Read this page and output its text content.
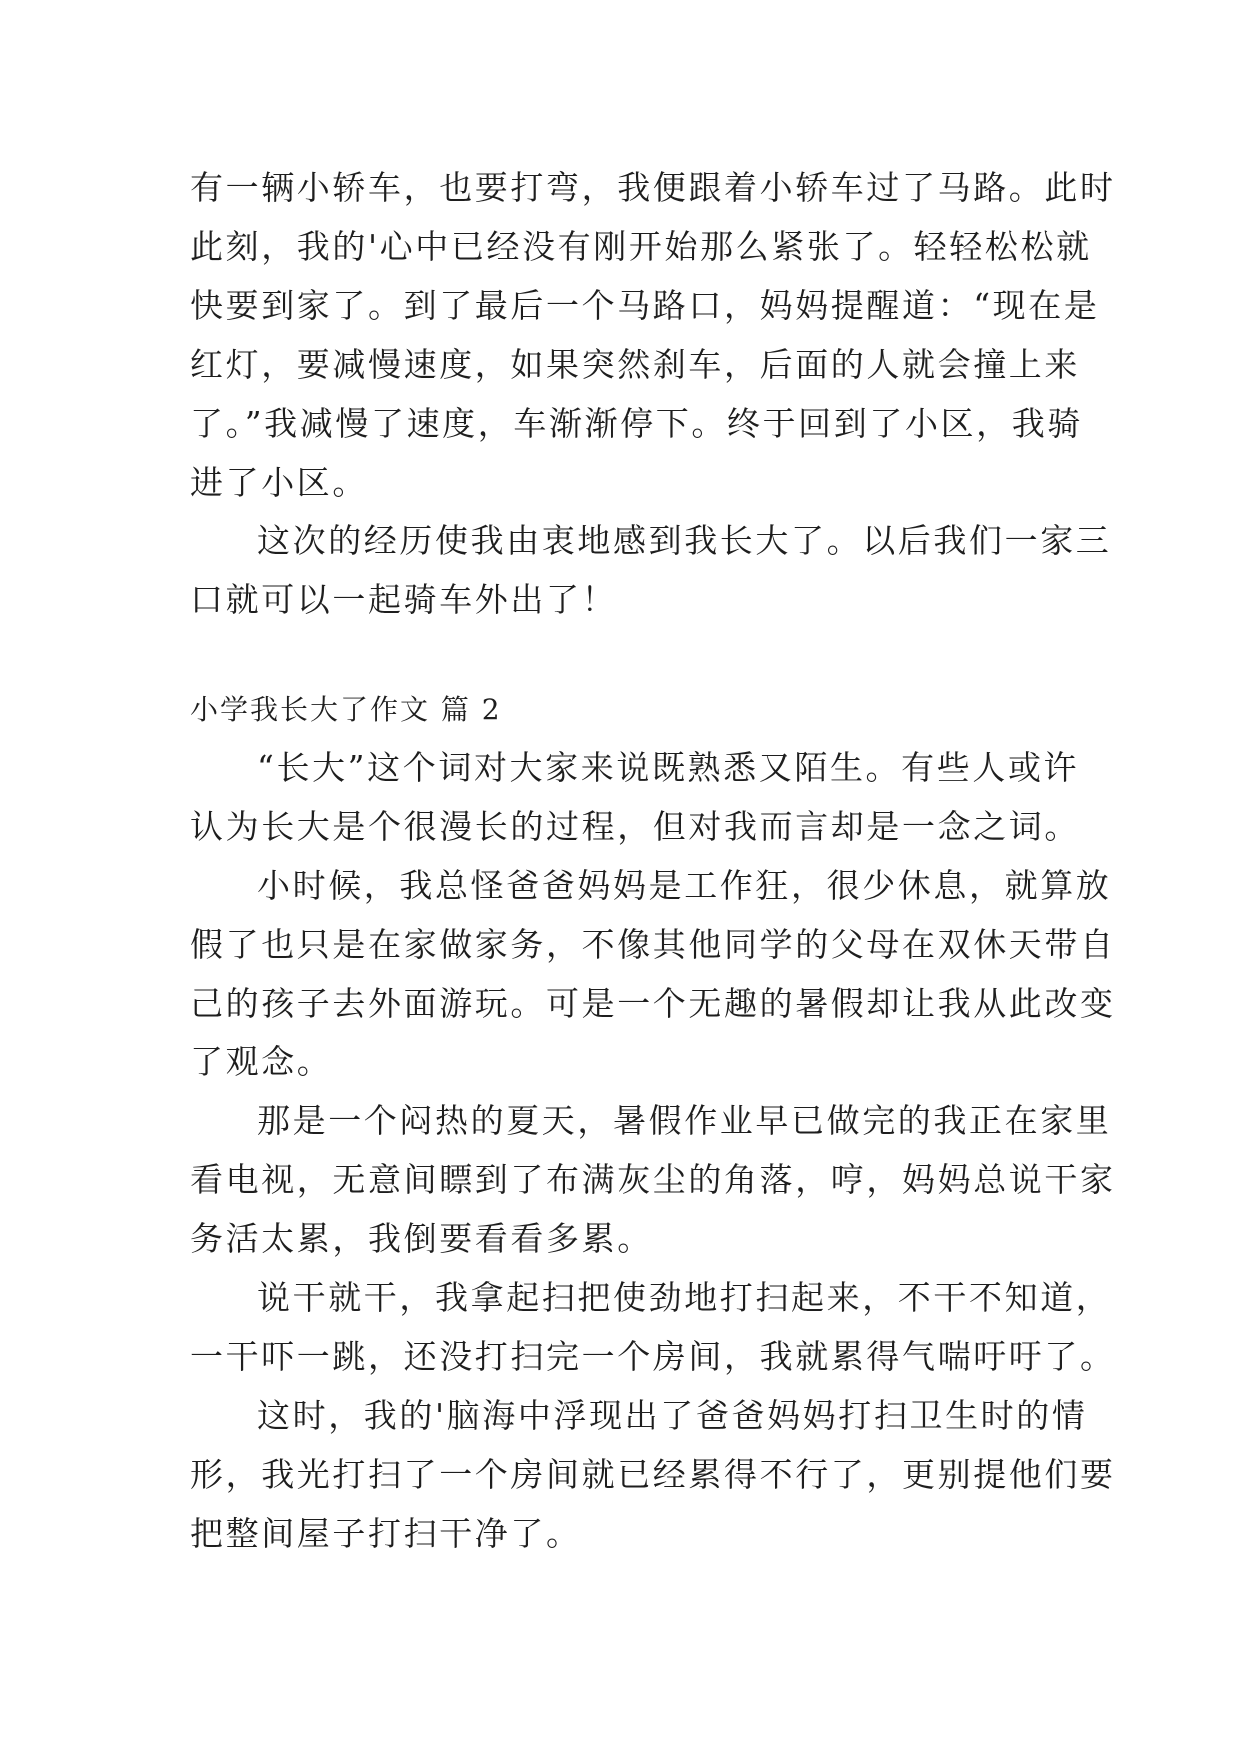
有一辆小轿车，也要打弯，我便跟着小轿车过了马路。此时
此刻，我的'心中已经没有刚开始那么紧张了。轻轻松松就
快要到家了。到了最后一个马路口，妈妈提醒道：“现在是
红灯，要减慢速度，如果突然刹车，后面的人就会撞上来
了。”我减慢了速度，车渐渐停下。终于回到了小区，我骑
进了小区。
这次的经历使我由衷地感到我长大了。以后我们一家三
口就可以一起骑车外出了！
小学我长大了作文 篇 2
“长大”这个词对大家来说既熟悉又陌生。有些人或许
认为长大是个很漫长的过程，但对我而言却是一念之词。
小时候，我总怪爸爸妈妈是工作狂，很少休息，就算放
假了也只是在家做家务，不像其他同学的父母在双休天带自
己的孩子去外面游玩。可是一个无趣的暑假却让我从此改变
了观念。
那是一个闷热的夏天，暑假作业早已做完的我正在家里
看电视，无意间瞟到了布满灰尘的角落，哼，妈妈总说干家
务活太累，我倒要看看多累。
说干就干，我拿起扫把使劲地打扫起来，不干不知道，
一干吓一跳，还没打扫完一个房间，我就累得气喘吁吁了。
这时，我的'脑海中浮现出了爸爸妈妈打扫卫生时的情
形，我光打扫了一个房间就已经累得不行了，更别提他们要
把整间屋子打扫干净了。
